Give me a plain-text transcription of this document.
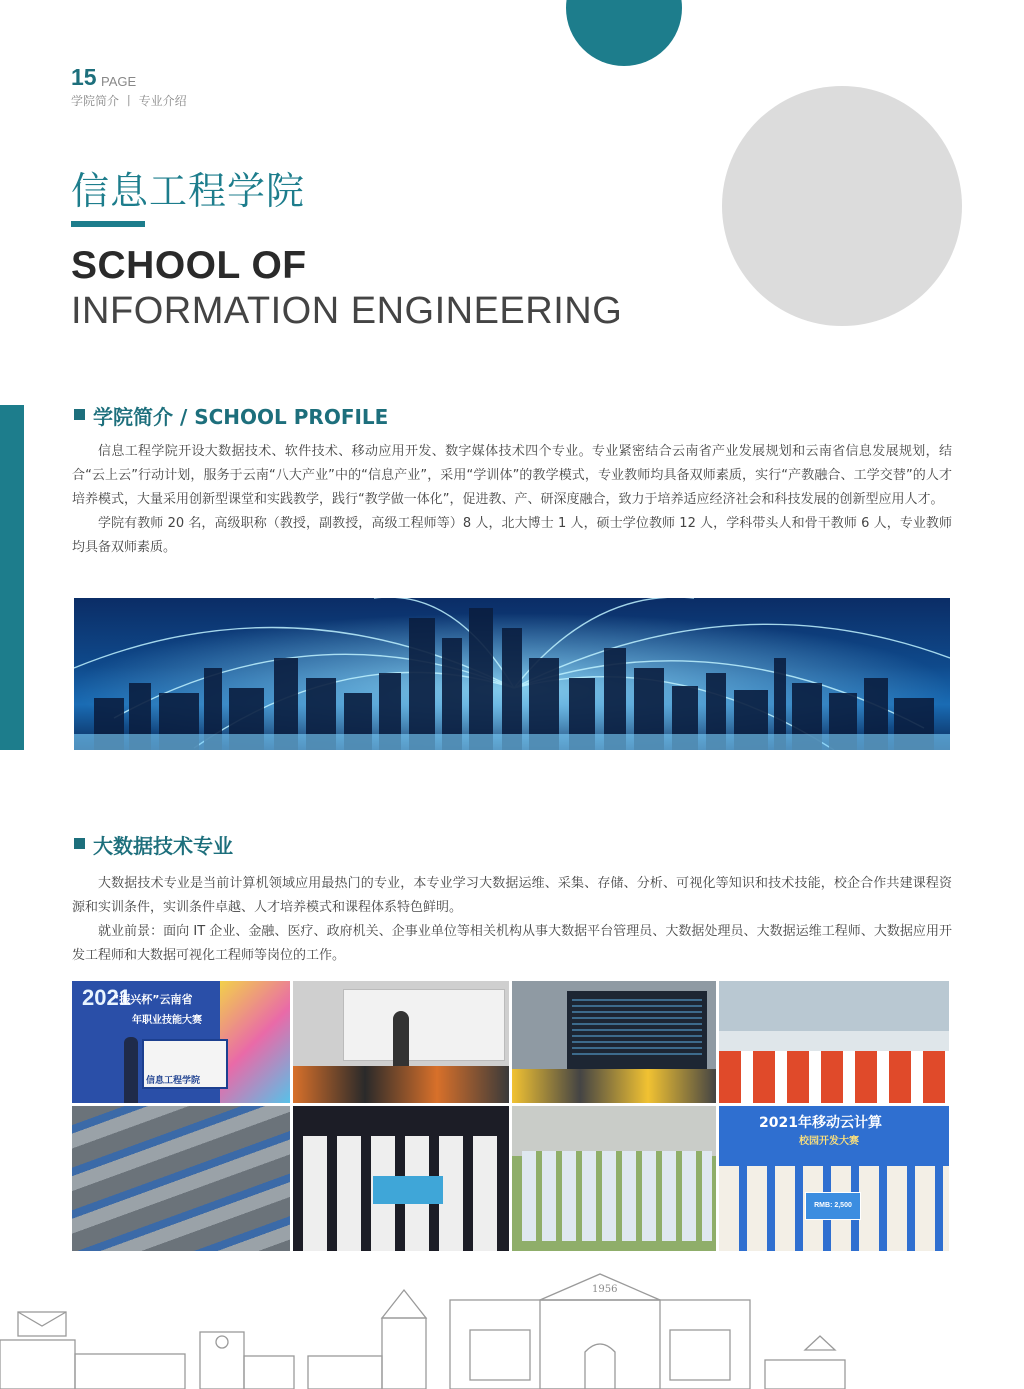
15 PAGE
学院简介 丨 专业介绍
信息工程学院
SCHOOL OF
INFORMATION ENGINEERING
学院简介 / SCHOOL PROFILE

信息工程学院开设大数据技术、软件技术、移动应用开发、数字媒体技术四个专业。专业紧密结合云南省产业发展规划和云南省信息发展规划，结合“云上云”行动计划，服务于云南“八大产业”中的“信息产业”，采用“学训体”的教学模式，专业教师均具备双师素质，实行“产教融合、工学交替”的人才培养模式，大量采用创新型课堂和实践教学，践行“教学做一体化”，促进教、产、研深度融合，致力于培养适应经济社会和科技发展的创新型应用人才。

学院有教师 20 名，高级职称（教授，副教授，高级工程师等）8 人，北大博士 1 人，硕士学位教师 12 人，学科带头人和骨干教师 6 人，专业教师均具备双师素质。

大数据技术专业

大数据技术专业是当前计算机领域应用最热门的专业，本专业学习大数据运维、采集、存储、分析、可视化等知识和技术技能，校企合作共建课程资源和实训条件，实训条件卓越、人才培养模式和课程体系特色鲜明。

就业前景：面向 IT 企业、金融、医疗、政府机关、企事业单位等相关机构从事大数据平台管理员、大数据处理员、大数据运维工程师、大数据应用开发工程师和大数据可视化工程师等岗位的工作。

2021
“振兴杯”云南省
年职业技能大赛
信息工程学院
2021年移动云计算
校园开发大赛
RMB: 2,500
1956
